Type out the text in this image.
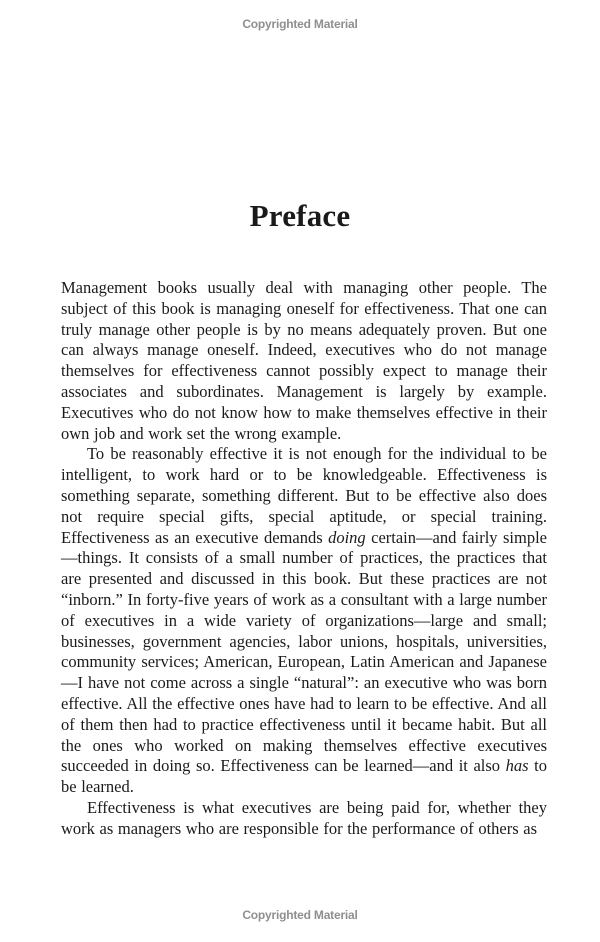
Copyrighted Material
Preface

Management books usually deal with managing other people. The subject of this book is managing oneself for effectiveness. That one can truly manage other people is by no means adequately proven. But one can always manage oneself. Indeed, executives who do not manage themselves for effectiveness cannot possibly expect to manage their associates and subordinates. Management is largely by example. Executives who do not know how to make themselves effective in their own job and work set the wrong example.

To be reasonably effective it is not enough for the individual to be intelligent, to work hard or to be knowledgeable. Effectiveness is something separate, something different. But to be effective also does not require special gifts, special aptitude, or special training. Effectiveness as an executive demands doing certain—and fairly simple—things. It consists of a small number of practices, the practices that are presented and discussed in this book. But these practices are not “inborn.” In forty-five years of work as a consultant with a large number of executives in a wide variety of organizations—large and small; businesses, government agencies, labor unions, hospitals, universities, community services; American, European, Latin American and Japanese—I have not come across a single “natural”: an executive who was born effective. All the effective ones have had to learn to be effective. And all of them then had to practice effectiveness until it became habit. But all the ones who worked on making themselves effective executives succeeded in doing so. Effectiveness can be learned—and it also has to be learned.

Effectiveness is what executives are being paid for, whether they work as managers who are responsible for the performance of others as

Copyrighted Material
